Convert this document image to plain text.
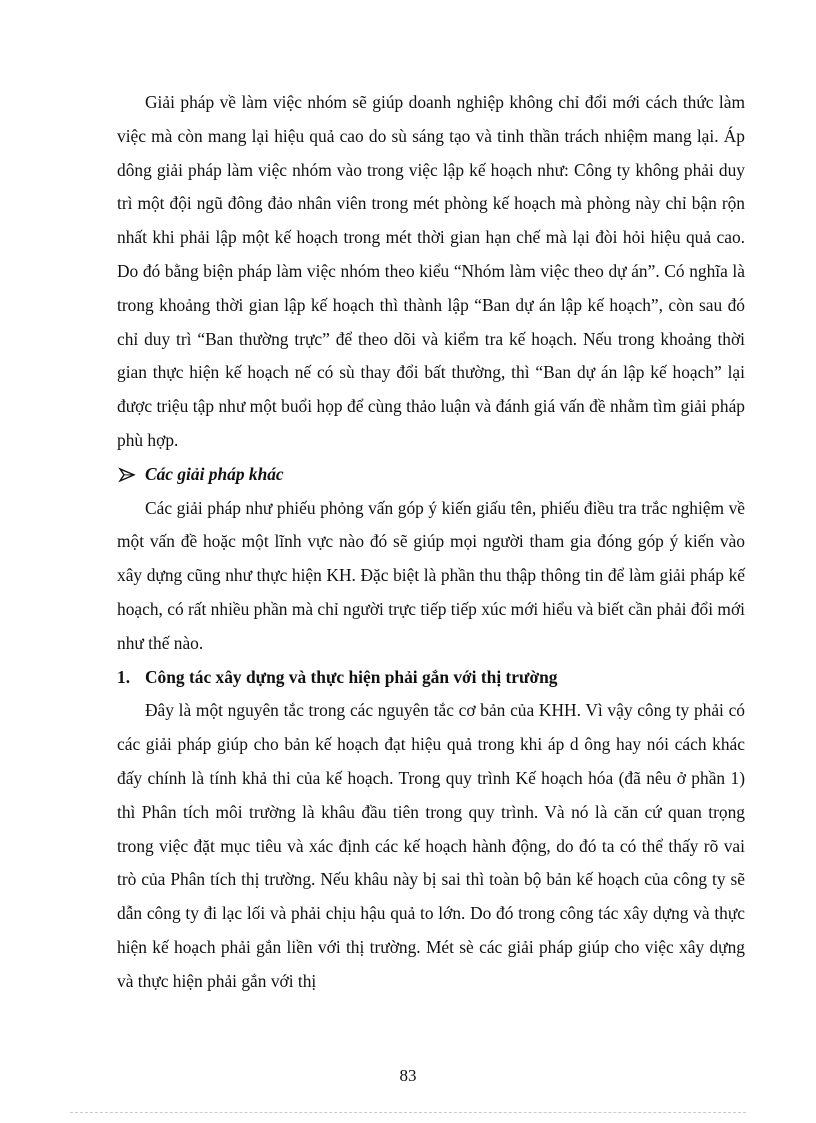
Giải pháp về làm việc nhóm sẽ giúp doanh nghiệp không chỉ đổi mới cách thức làm việc mà còn mang lại hiệu quả cao do sù sáng tạo và tinh thần trách nhiệm mang lại. Áp dông giải pháp làm việc nhóm vào trong việc lập kế hoạch như: Công ty không phải duy trì một đội ngũ đông đảo nhân viên trong mét phòng kế hoạch mà phòng này chỉ bận rộn nhất khi phải lập một kế hoạch trong mét thời gian hạn chế mà lại đòi hỏi hiệu quả cao. Do đó bằng biện pháp làm việc nhóm theo kiểu “Nhóm làm việc theo dự án”. Có nghĩa là trong khoảng thời gian lập kế hoạch thì thành lập “Ban dự án lập kế hoạch”, còn sau đó chỉ duy trì “Ban thường trực” để theo dõi và kiểm tra kế hoạch. Nếu trong khoảng thời gian thực hiện kế hoạch nế có sù thay đổi bất thường, thì “Ban dự án lập kế hoạch” lại được triệu tập như một buổi họp để cùng thảo luận và đánh giá vấn đề nhằm tìm giải pháp phù hợp.

Các giải pháp khác

Các giải pháp như phiếu phỏng vấn góp ý kiến giấu tên, phiếu điều tra trắc nghiệm về một vấn đề hoặc một lĩnh vực nào đó sẽ giúp mọi người tham gia đóng góp ý kiến vào xây dựng cũng như thực hiện KH. Đặc biệt là phần thu thập thông tin để làm giải pháp kế hoạch, có rất nhiều phần mà chỉ người trực tiếp tiếp xúc mới hiểu và biết cần phải đổi mới như thế nào.

1. Công tác xây dựng và thực hiện phải gắn với thị trường

Đây là một nguyên tắc trong các nguyên tắc cơ bản của KHH. Vì vậy công ty phải có các giải pháp giúp cho bản kế hoạch đạt hiệu quả trong khi áp d ông hay nói cách khác đấy chính là tính khả thi của kế hoạch. Trong quy trình Kế hoạch hóa (đã nêu ở phần 1) thì Phân tích môi trường là khâu đầu tiên trong quy trình. Và nó là căn cứ quan trọng trong việc đặt mục tiêu và xác định các kế hoạch hành động, do đó ta có thể thấy rõ vai trò của Phân tích thị trường. Nếu khâu này bị sai thì toàn bộ bản kế hoạch của công ty sẽ dẫn công ty đi lạc lối và phải chịu hậu quả to lớn. Do đó trong công tác xây dựng và thực hiện kế hoạch phải gắn liền với thị trường. Mét sè các giải pháp giúp cho việc xây dựng và thực hiện phải gắn với thị

83
